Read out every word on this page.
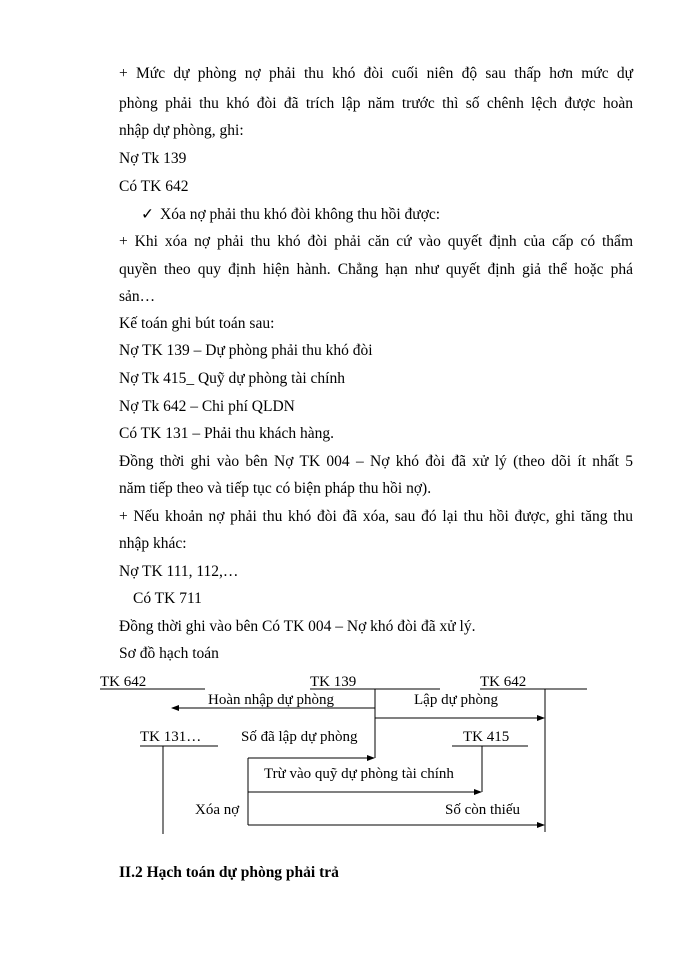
+ Mức dự phòng nợ phải thu khó đòi cuối niên độ sau thấp hơn mức dự
phòng phải thu khó đòi đã trích lập năm trước thì số chênh lệch được hoàn
nhập dự phòng, ghi:
Nợ Tk 139
Có TK 642
✓ Xóa nợ phải thu khó đòi không thu hồi được:
+ Khi xóa nợ phải thu khó đòi phải căn cứ vào quyết định của cấp có thẩm
quyền theo quy định hiện hành. Chẳng hạn như quyết định giả thể hoặc phá
sản…
Kế toán ghi bút toán sau:
Nợ TK 139 – Dự phòng phải thu khó đòi
Nợ Tk 415_ Quỹ dự phòng tài chính
Nợ Tk 642 – Chi phí QLDN
Có TK 131 – Phải thu khách hàng.
Đồng thời ghi vào bên Nợ TK 004 – Nợ khó đòi đã xử lý (theo dõi ít nhất 5
năm tiếp theo và tiếp tục có biện pháp thu hồi nợ).
+ Nếu khoản nợ phải thu khó đòi đã xóa, sau đó lại thu hồi được, ghi tăng thu
nhập khác:
Nợ TK 111, 112,…
Có TK 711
Đồng thời ghi vào bên Có TK 004 – Nợ khó đòi đã xử lý.
Sơ đồ hạch toán
TK 642	TK 139	TK 642
TK 131…	TK 415
Hoàn nhập dự phòng	Lập dự phòng
Số đã lập dự phòng
Trừ vào quỹ dự phòng tài chính
Xóa nợ	Số còn thiếu
II.2 Hạch toán dự phòng phải trả
